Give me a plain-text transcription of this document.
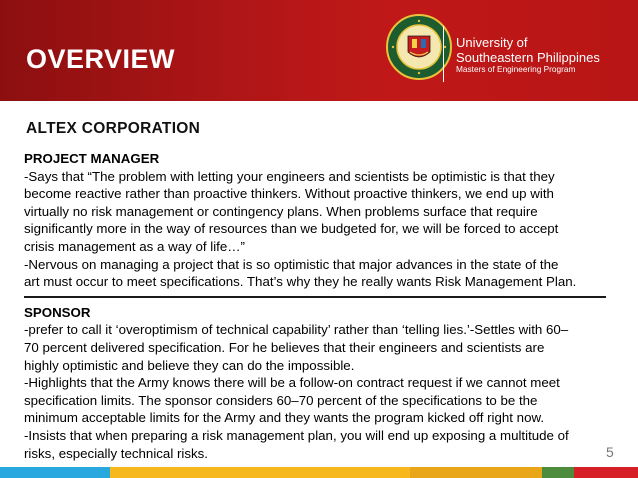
OVERVIEW
University of
Southeastern Philippines
Masters of Engineering Program
ALTEX CORPORATION

PROJECT MANAGER

-Says that “The problem with letting your engineers and scientists be optimistic is that they

become reactive rather than proactive thinkers. Without proactive thinkers, we end up with

virtually no risk management or contingency plans. When problems surface that require

significantly more in the way of resources than we budgeted for, we will be forced to accept

crisis management as a way of life…”

-Nervous on managing a project that is so optimistic that major advances in the state of the

art must occur to meet specifications. That’s why they he really wants Risk Management Plan.

SPONSOR

-prefer to call it ‘overoptimism of technical capability’ rather than ‘telling lies.’-Settles with 60–

70 percent delivered specification. For he believes that their engineers and scientists are

highly optimistic and believe they can do the impossible.

-Highlights that the Army knows there will be a follow-on contract request if we cannot meet

specification limits. The sponsor considers 60–70 percent of the specifications to be the

minimum acceptable limits for the Army and they wants the program kicked off right now.

-Insists that when preparing a risk management plan, you will end up exposing a multitude of

risks, especially technical risks.	5
